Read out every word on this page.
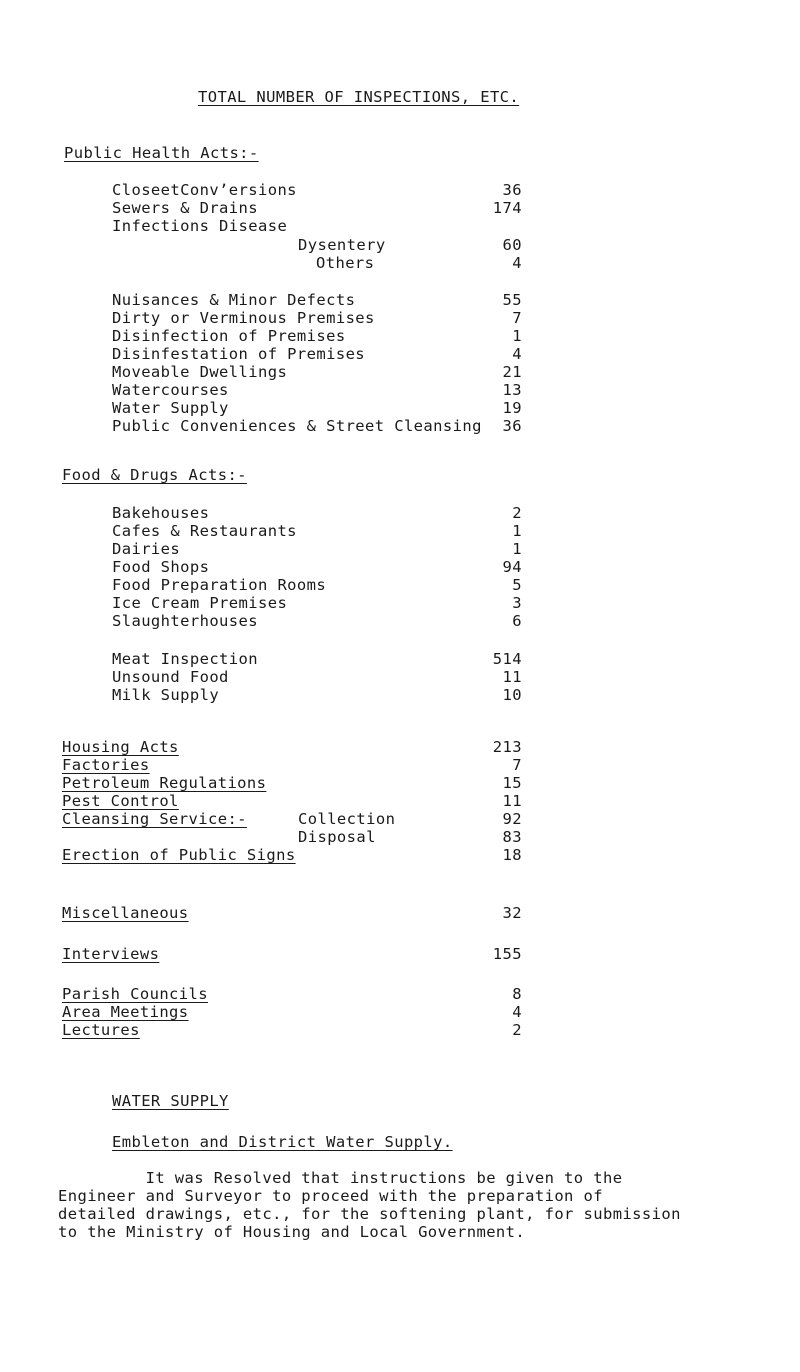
TOTAL NUMBER OF INSPECTIONS, ETC.
Public Health Acts:-
CloseetConvʼersions	36
Sewers & Drains	174
Infections Disease
Dysentery	60
Others	4
Nuisances & Minor Defects	55
Dirty or Verminous Premises	7
Disinfection of Premises	1
Disinfestation of Premises	4
Moveable Dwellings	21
Watercourses	13
Water Supply	19
Public Conveniences & Street Cleansing	36
Food & Drugs Acts:-
Bakehouses	2
Cafes & Restaurants	1
Dairies	1
Food Shops	94
Food Preparation Rooms	5
Ice Cream Premises	3
Slaughterhouses	6
Meat Inspection	514
Unsound Food	11
Milk Supply	10
Housing Acts	213
Factories	7
Petroleum Regulations	15
Pest Control	11
Cleansing Service:-	Collection	92
Disposal	83
Erection of Public Signs	18
Miscellaneous	32
Interviews	155
Parish Councils	8
Area Meetings	4
Lectures	2
WATER SUPPLY
Embleton and District Water Supply.
It was Resolved that instructions be given to the
Engineer and Surveyor to proceed with the preparation of
detailed drawings, etc., for the softening plant, for submission
to the Ministry of Housing and Local Government.
